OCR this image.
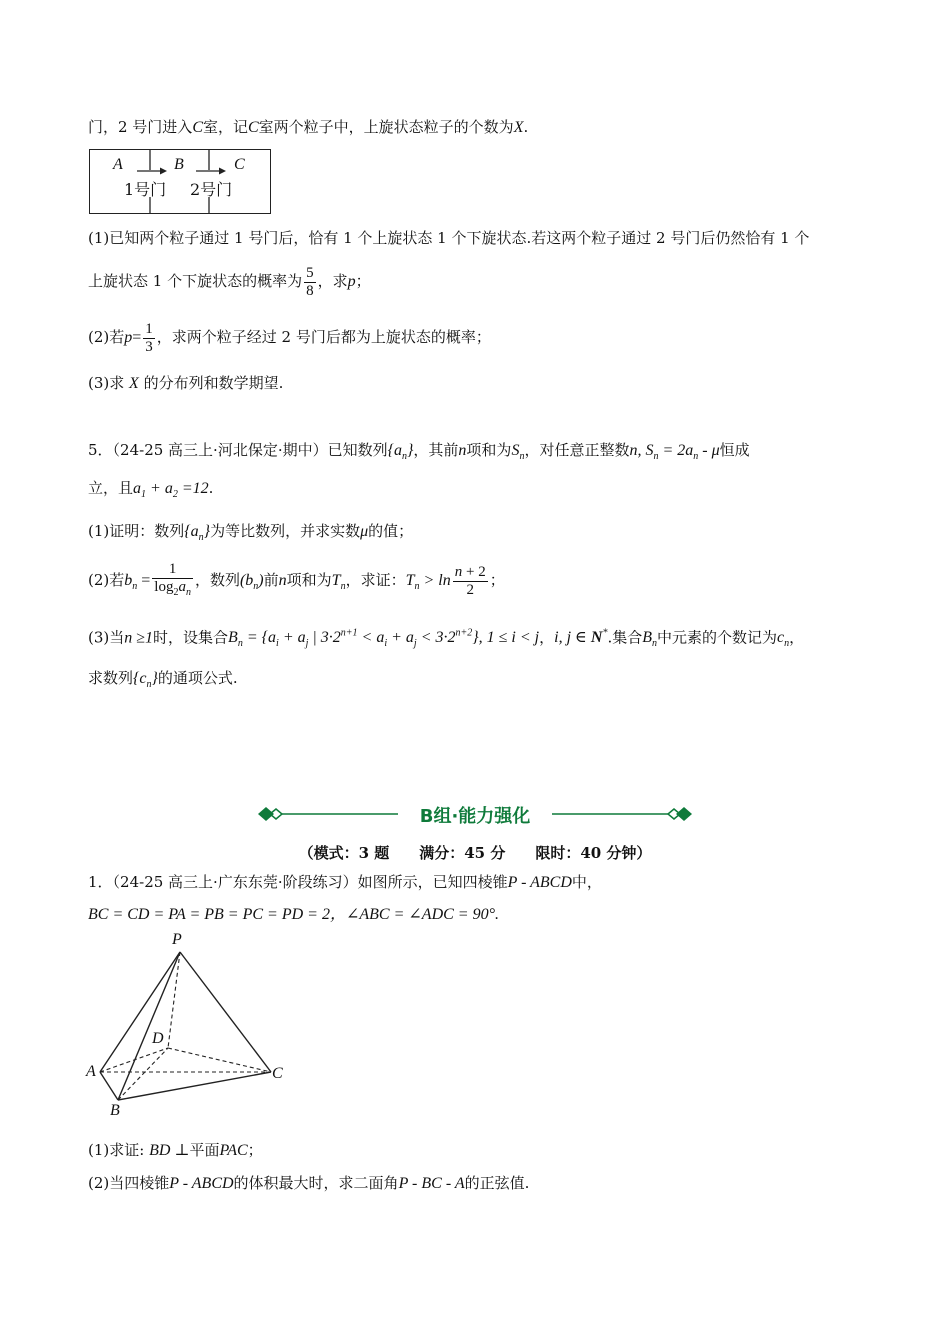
门，2 号门进入C室，记C室两个粒子中，上旋状态粒子的个数为X.
A	B	C
1号门 2号门
(1)已知两个粒子通过 1 号门后，恰有 1 个上旋状态 1 个下旋状态.若这两个粒子通过 2 号门后仍然恰有 1 个
上旋状态 1 个下旋状态的概率为 $\frac{5}{8}$ ，求p；
(2)若$p= \frac{1}{3}$ ，求两个粒子经过 2 号门后都为上旋状态的概率；
(3)求 X 的分布列和数学期望.
5．（24-25 高三上·河北保定·期中）已知数列$\{a_n\}$，其前n项和为$S_n$，对任意正整数n, $S_n = 2a_n - \mu$恒成
立，且$a_1 + a_2 =12$.
(1)证明：数列$\{a_n\}$为等比数列，并求实数μ的值；
(2)若$b_n = \frac{1}{\log_2a_n}$ ，数列$(b_n)$前n项和为$T_n$，求证：$T_n > \ln \frac{n + 2}{2}$ ；
(3)当n ≥1时，设集合$B_n = \{a_i + a_j$ | $3\cdot 2^{n+1} < a_i + a_j < 3\cdot 2^{n+2}$}, 1 ≤ i < j，i, j ∈ N*.集合$B_n$中元素的个数记为$c_n$，
求数列$\{c_n\}$的通项公式.
B组·能力强化
（模式：3 题　　满分：45 分　　限时：40 分钟）
1．（24-25 高三上·广东东莞·阶段练习）如图所示，已知四棱锥P - ABCD中，
BC = CD = PA = PB = PC = PD = 2，∠ABC = ∠ADC = 90°.
P
D
A	C
B
(1)求证: BD ⊥平面PAC；
(2)当四棱锥P - ABCD的体积最大时，求二面角P - BC - A的正弦值.
